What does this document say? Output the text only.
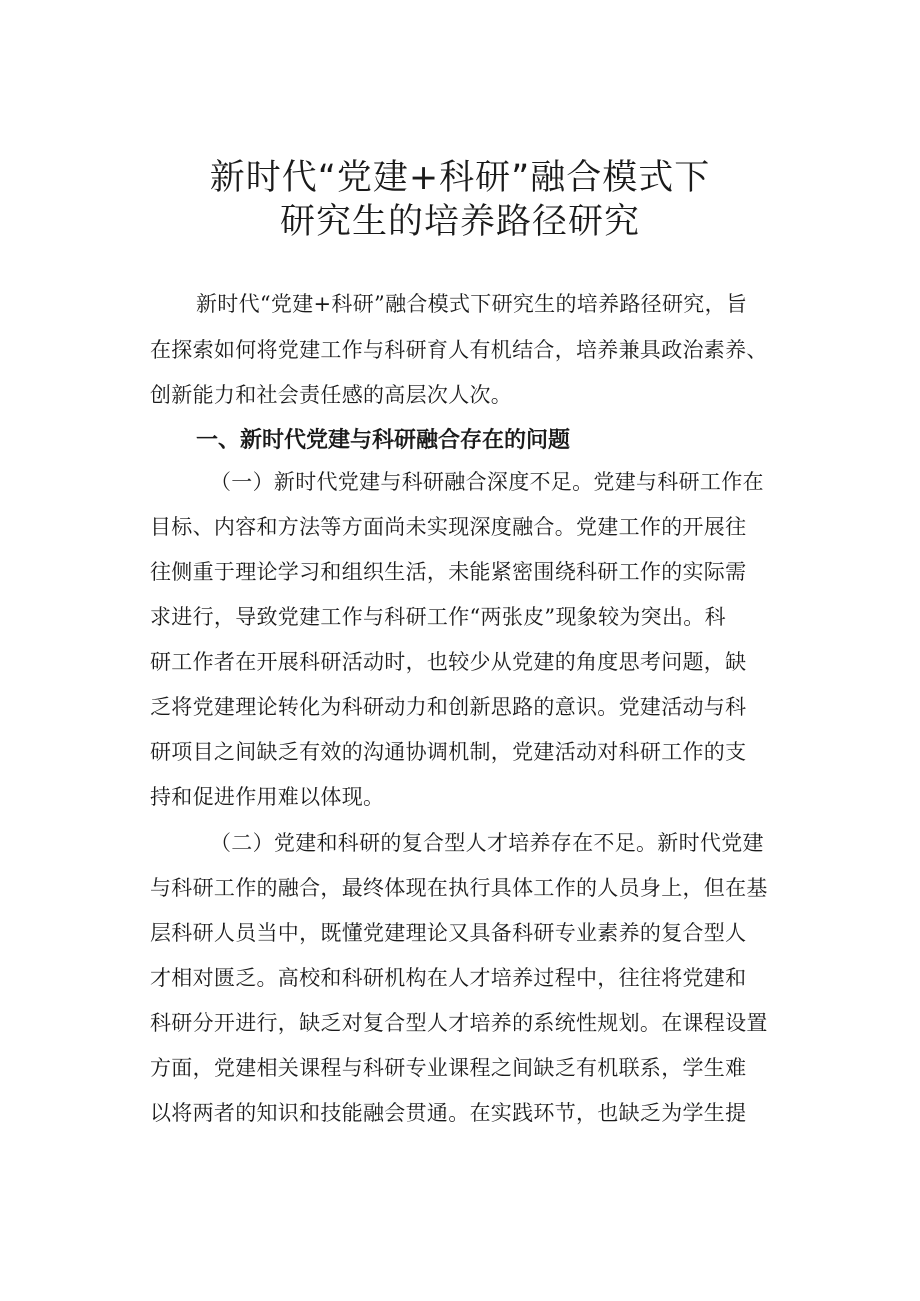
新时代“党建+科研”融合模式下
研究生的培养路径研究

新时代“党建+科研”融合模式下研究生的培养路径研究，旨

在探索如何将党建工作与科研育人有机结合，培养兼具政治素养、

创新能力和社会责任感的高层次人次。

一、新时代党建与科研融合存在的问题

（一）新时代党建与科研融合深度不足。党建与科研工作在

目标、内容和方法等方面尚未实现深度融合。党建工作的开展往

往侧重于理论学习和组织生活，未能紧密围绕科研工作的实际需

求进行，导致党建工作与科研工作“两张皮”现象较为突出。科

研工作者在开展科研活动时，也较少从党建的角度思考问题，缺

乏将党建理论转化为科研动力和创新思路的意识。党建活动与科

研项目之间缺乏有效的沟通协调机制，党建活动对科研工作的支

持和促进作用难以体现。

（二）党建和科研的复合型人才培养存在不足。新时代党建

与科研工作的融合，最终体现在执行具体工作的人员身上，但在基

层科研人员当中，既懂党建理论又具备科研专业素养的复合型人

才相对匮乏。高校和科研机构在人才培养过程中，往往将党建和

科研分开进行，缺乏对复合型人才培养的系统性规划。在课程设置

方面，党建相关课程与科研专业课程之间缺乏有机联系，学生难

以将两者的知识和技能融会贯通。在实践环节，也缺乏为学生提
